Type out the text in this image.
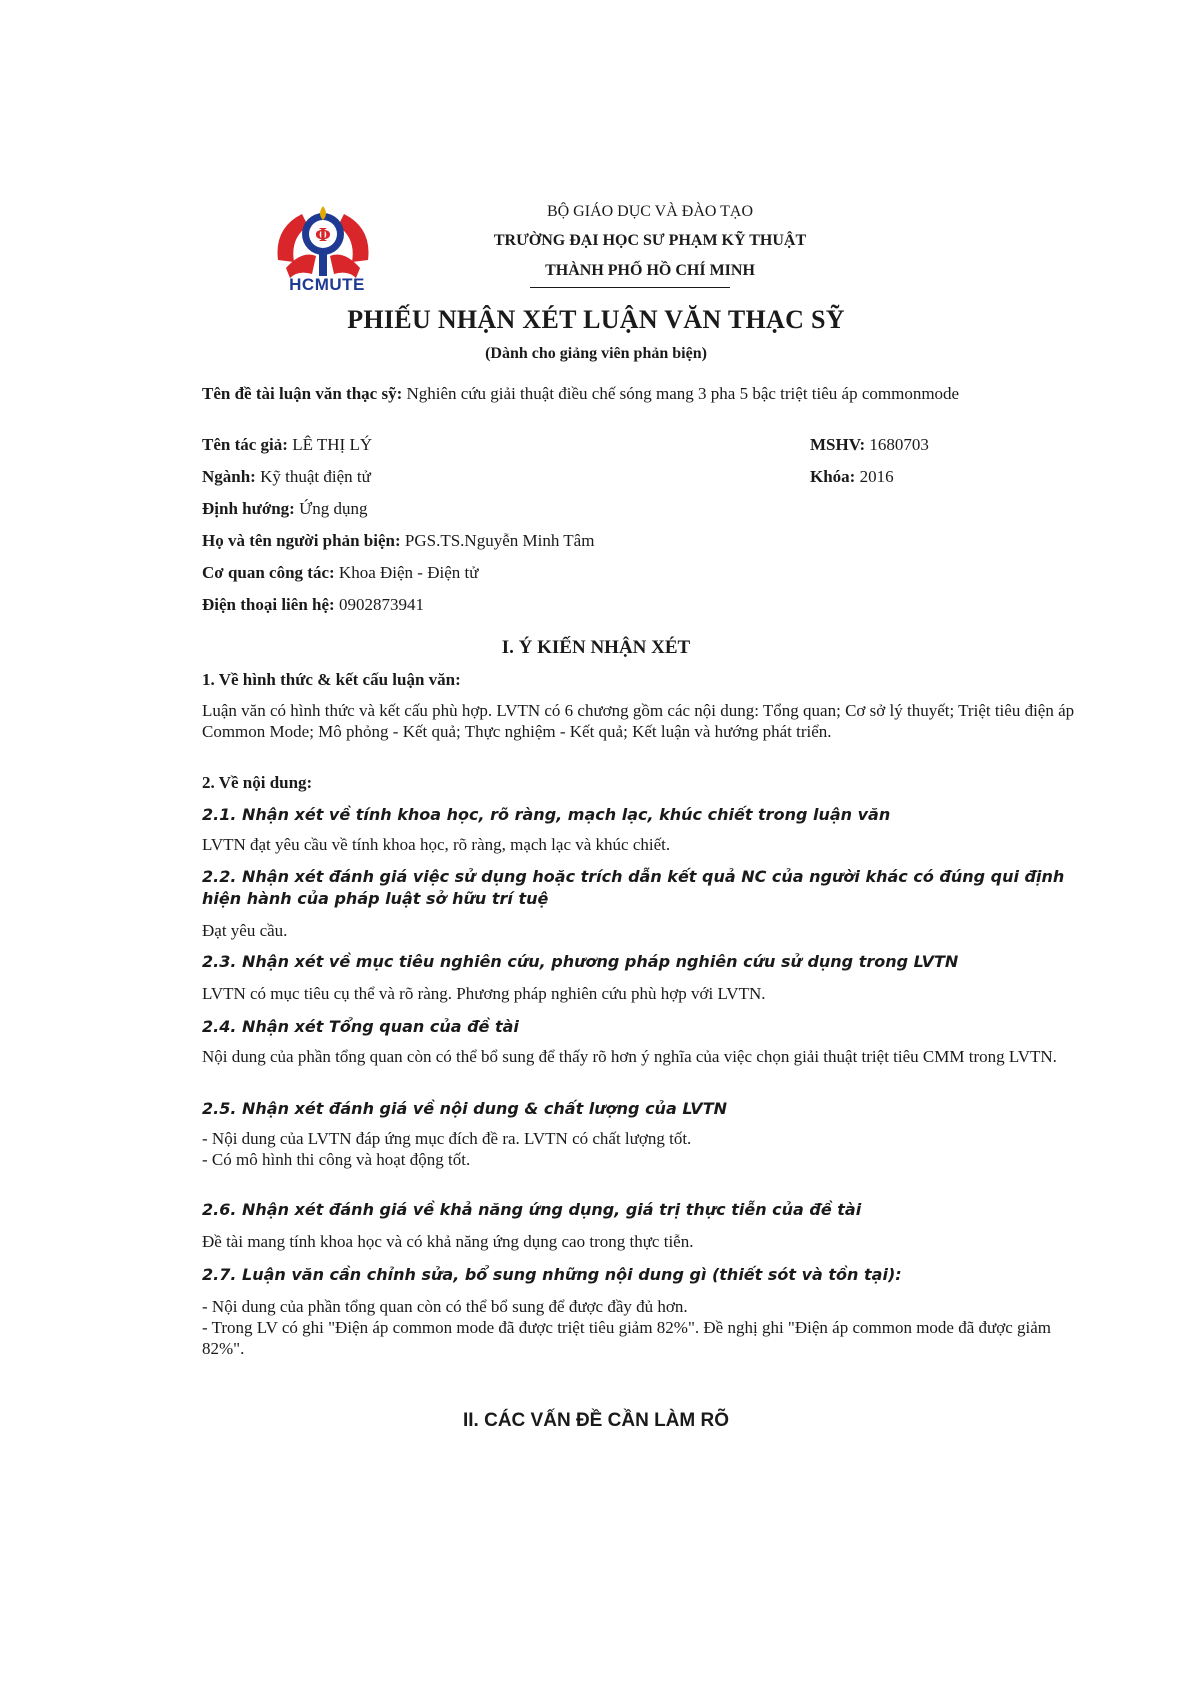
Φ
HCMUTE
BỘ GIÁO DỤC VÀ ĐÀO TẠO
TRƯỜNG ĐẠI HỌC SƯ PHẠM KỸ THUẬT
THÀNH PHỐ HỒ CHÍ MINH
PHIẾU NHẬN XÉT LUẬN VĂN THẠC SỸ
(Dành cho giảng viên phản biện)
Tên đề tài luận văn thạc sỹ: Nghiên cứu giải thuật điều chế sóng mang 3 pha 5 bậc triệt tiêu áp commonmode
Tên tác giả: LÊ THỊ LÝ	MSHV: 1680703
Ngành: Kỹ thuật điện tử	Khóa: 2016
Định hướng: Ứng dụng
Họ và tên người phản biện: PGS.TS.Nguyễn Minh Tâm
Cơ quan công tác: Khoa Điện - Điện tử
Điện thoại liên hệ: 0902873941
I. Ý KIẾN NHẬN XÉT
1. Về hình thức & kết cấu luận văn:
Luận văn có hình thức và kết cấu phù hợp. LVTN có 6 chương gồm các nội dung: Tổng quan; Cơ sở lý thuyết; Triệt tiêu điện áp Common Mode; Mô phỏng - Kết quả; Thực nghiệm - Kết quả; Kết luận và hướng phát triển.
2. Về nội dung:
2.1. Nhận xét về tính khoa học, rõ ràng, mạch lạc, khúc chiết trong luận văn
LVTN đạt yêu cầu về tính khoa học, rõ ràng, mạch lạc và khúc chiết.
2.2. Nhận xét đánh giá việc sử dụng hoặc trích dẫn kết quả NC của người khác có đúng qui định hiện hành của pháp luật sở hữu trí tuệ
Đạt yêu cầu.
2.3. Nhận xét về mục tiêu nghiên cứu, phương pháp nghiên cứu sử dụng trong LVTN
LVTN có mục tiêu cụ thể và rõ ràng. Phương pháp nghiên cứu phù hợp với LVTN.
2.4. Nhận xét Tổng quan của đề tài
Nội dung của phần tổng quan còn có thể bổ sung để thấy rõ hơn ý nghĩa của việc chọn giải thuật triệt tiêu CMM trong LVTN.
2.5. Nhận xét đánh giá về nội dung & chất lượng của LVTN
- Nội dung của LVTN đáp ứng mục đích đề ra. LVTN có chất lượng tốt.
- Có mô hình thi công và hoạt động tốt.
2.6. Nhận xét đánh giá về khả năng ứng dụng, giá trị thực tiễn của đề tài
Đề tài mang tính khoa học và có khả năng ứng dụng cao trong thực tiễn.
2.7. Luận văn cần chỉnh sửa, bổ sung những nội dung gì (thiết sót và tồn tại):
- Nội dung của phần tổng quan còn có thể bổ sung để được đầy đủ hơn.
- Trong LV có ghi "Điện áp common mode đã được triệt tiêu giảm 82%". Đề nghị ghi "Điện áp common mode đã được giảm 82%".
II. CÁC VẤN ĐỀ CẦN LÀM RÕ
